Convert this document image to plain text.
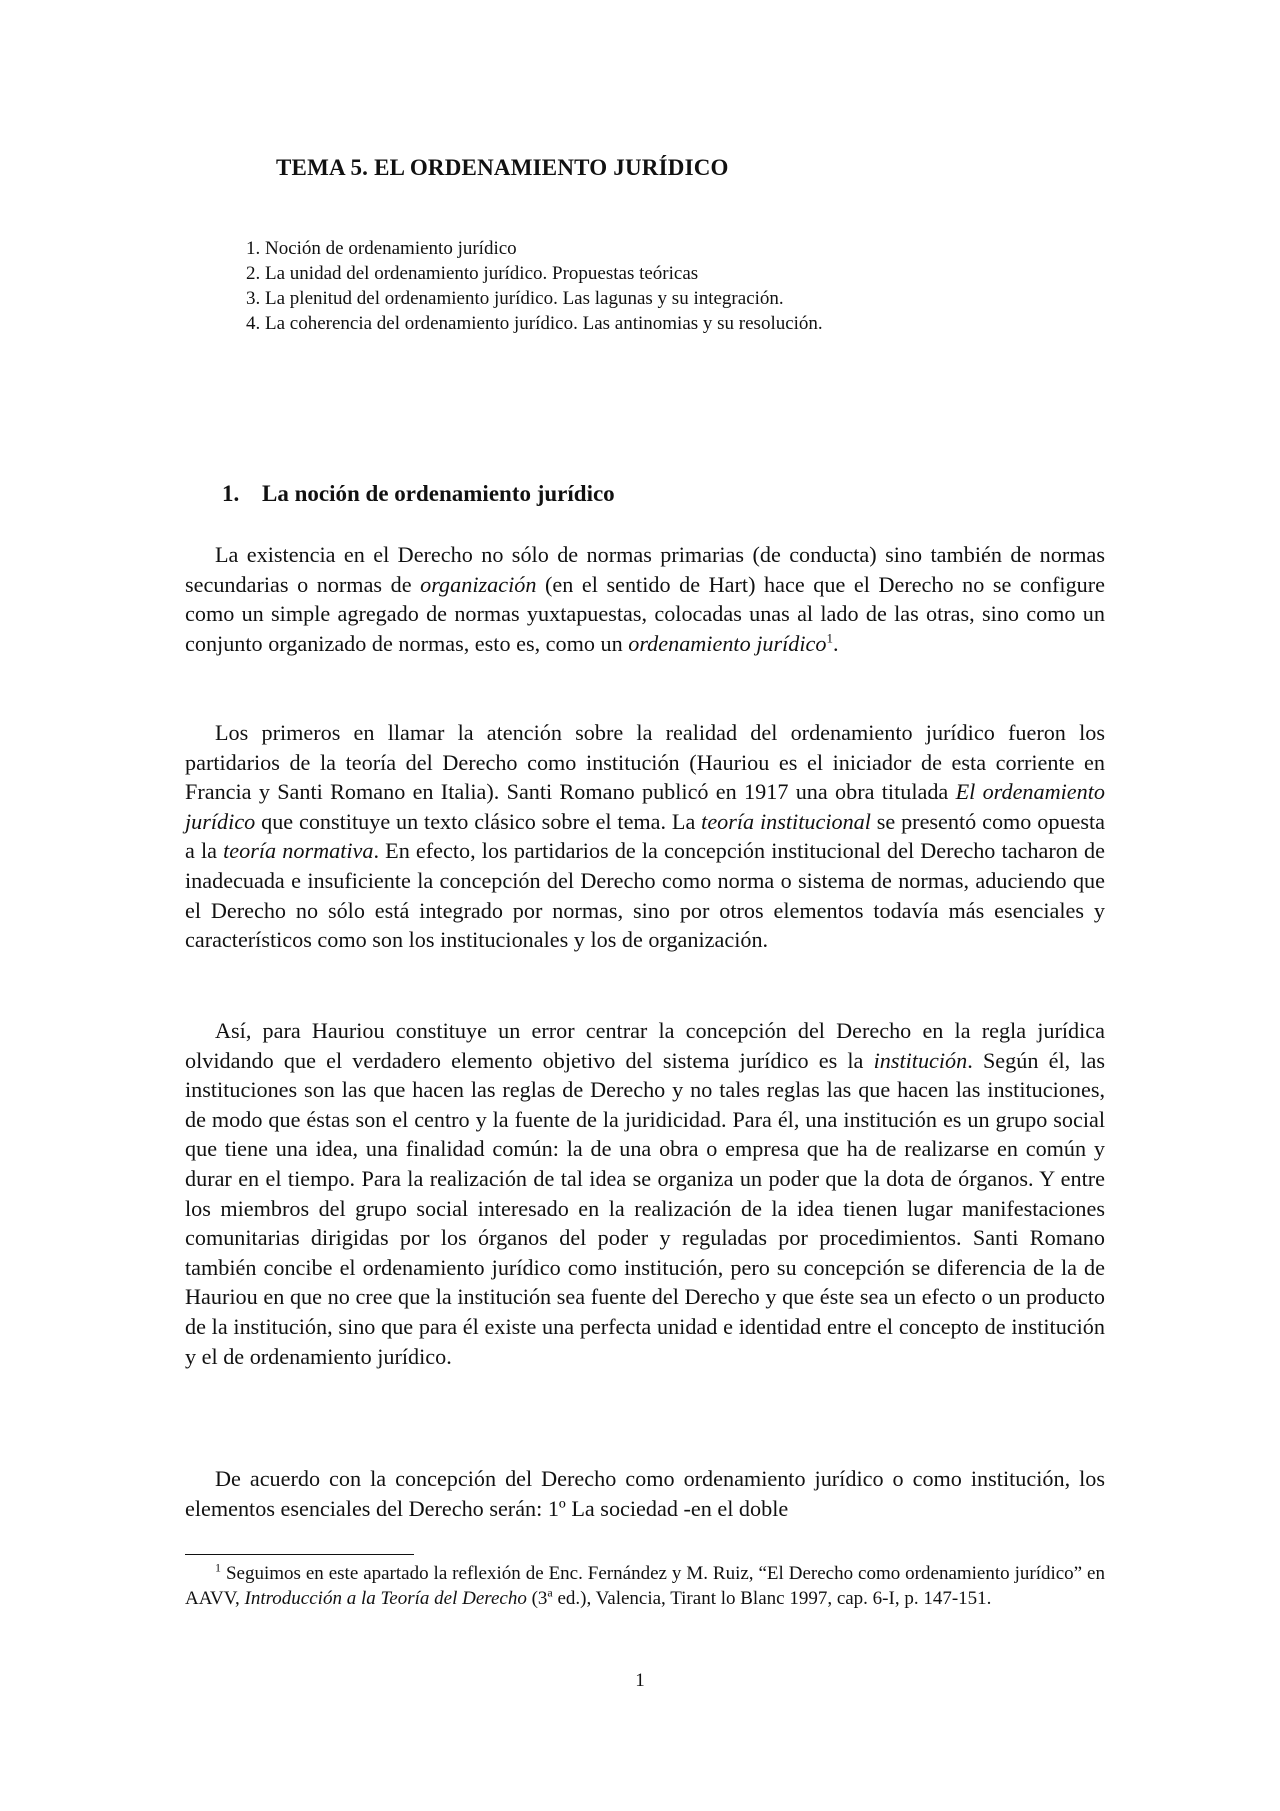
TEMA 5. EL ORDENAMIENTO JURÍDICO
1. Noción de ordenamiento jurídico
2. La unidad del ordenamiento jurídico. Propuestas teóricas
3. La plenitud del ordenamiento jurídico. Las lagunas y su integración.
4. La coherencia del ordenamiento jurídico. Las antinomias y su resolución.
1. La noción de ordenamiento jurídico

La existencia en el Derecho no sólo de normas primarias (de conducta) sino también de normas secundarias o normas de organización (en el sentido de Hart) hace que el Derecho no se configure como un simple agregado de normas yuxtapuestas, colocadas unas al lado de las otras, sino como un conjunto organizado de normas, esto es, como un ordenamiento jurídico$^1$.

Los primeros en llamar la atención sobre la realidad del ordenamiento jurídico fueron los partidarios de la teoría del Derecho como institución (Hauriou es el iniciador de esta corriente en Francia y Santi Romano en Italia). Santi Romano publicó en 1917 una obra titulada El ordenamiento jurídico que constituye un texto clásico sobre el tema. La teoría institucional se presentó como opuesta a la teoría normativa. En efecto, los partidarios de la concepción institucional del Derecho tacharon de inadecuada e insuficiente la concepción del Derecho como norma o sistema de normas, aduciendo que el Derecho no sólo está integrado por normas, sino por otros elementos todavía más esenciales y característicos como son los institucionales y los de organización.

Así, para Hauriou constituye un error centrar la concepción del Derecho en la regla jurídica olvidando que el verdadero elemento objetivo del sistema jurídico es la institución. Según él, las instituciones son las que hacen las reglas de Derecho y no tales reglas las que hacen las instituciones, de modo que éstas son el centro y la fuente de la juridicidad. Para él, una institución es un grupo social que tiene una idea, una finalidad común: la de una obra o empresa que ha de realizarse en común y durar en el tiempo. Para la realización de tal idea se organiza un poder que la dota de órganos. Y entre los miembros del grupo social interesado en la realización de la idea tienen lugar manifestaciones comunitarias dirigidas por los órganos del poder y reguladas por procedimientos. Santi Romano también concibe el ordenamiento jurídico como institución, pero su concepción se diferencia de la de Hauriou en que no cree que la institución sea fuente del Derecho y que éste sea un efecto o un producto de la institución, sino que para él existe una perfecta unidad e identidad entre el concepto de institución y el de ordenamiento jurídico.

De acuerdo con la concepción del Derecho como ordenamiento jurídico o como institución, los elementos esenciales del Derecho serán: 1º La sociedad -en el doble

$^1$ Seguimos en este apartado la reflexión de Enc. Fernández y M. Ruiz, “El Derecho como ordenamiento jurídico” en AAVV, Introducción a la Teoría del Derecho (3$^a$ ed.), Valencia, Tirant lo Blanc 1997, cap. 6-I, p. 147-151.

1
